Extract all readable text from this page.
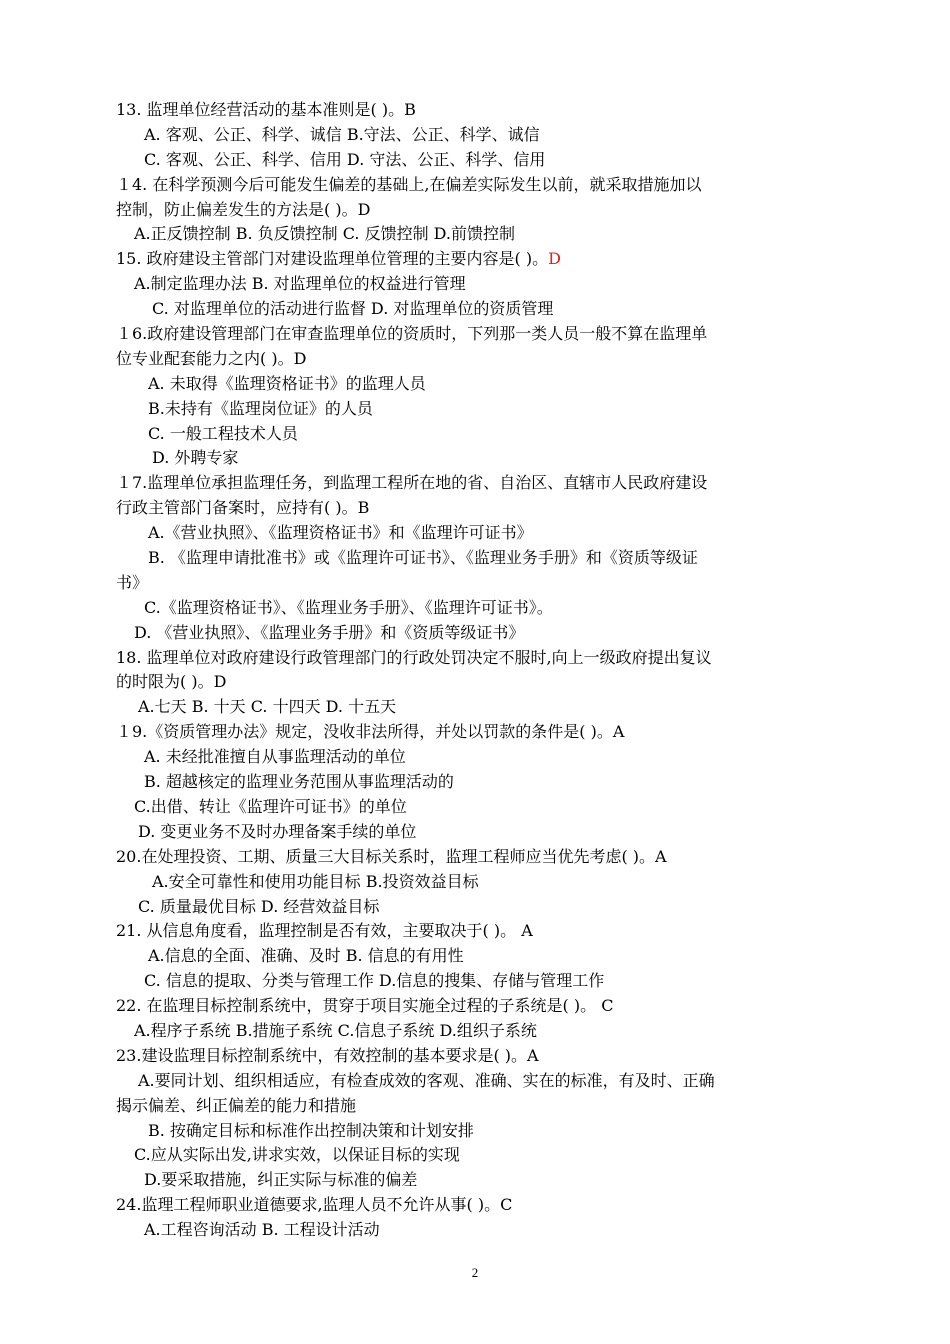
13. 监理单位经营活动的基本准则是( )。B
A. 客观、公正、科学、诚信 B.守法、公正、科学、诚信
C. 客观、公正、科学、信用 D. 守法、公正、科学、信用
１4. 在科学预测今后可能发生偏差的基础上,在偏差实际发生以前，就采取措施加以
控制，防止偏差发生的方法是( )。D
A.正反馈控制 B. 负反馈控制 C. 反馈控制 D.前馈控制
15. 政府建设主管部门对建设监理单位管理的主要内容是( )。D
A.制定监理办法 B. 对监理单位的权益进行管理
C. 对监理单位的活动进行监督 D. 对监理单位的资质管理
１6.政府建设管理部门在审查监理单位的资质时，下列那一类人员一般不算在监理单
位专业配套能力之内( )。D
A. 未取得《监理资格证书》的监理人员
B.未持有《监理岗位证》的人员
C. 一般工程技术人员
D. 外聘专家
１7.监理单位承担监理任务，到监理工程所在地的省、自治区、直辖市人民政府建设
行政主管部门备案时，应持有( )。B
A.《营业执照》、《监理资格证书》和《监理许可证书》
B. 《监理申请批准书》或《监理许可证书》、《监理业务手册》和《资质等级证
书》
C.《监理资格证书》、《监理业务手册》、《监理许可证书》。
D. 《营业执照》、《监理业务手册》和《资质等级证书》
18. 监理单位对政府建设行政管理部门的行政处罚决定不服时,向上一级政府提出复议
的时限为( )。D
A.七天 B. 十天 C. 十四天 D. 十五天
１9.《资质管理办法》规定，没收非法所得，并处以罚款的条件是( )。A
A. 未经批准擅自从事监理活动的单位
B. 超越核定的监理业务范围从事监理活动的
C.出借、转让《监理许可证书》的单位
D. 变更业务不及时办理备案手续的单位
20.在处理投资、工期、质量三大目标关系时，监理工程师应当优先考虑( )。A
A.安全可靠性和使用功能目标 B.投资效益目标
C. 质量最优目标 D. 经营效益目标
21. 从信息角度看，监理控制是否有效，主要取决于( )。 A
A.信息的全面、准确、及时 B. 信息的有用性
C. 信息的提取、分类与管理工作 D.信息的搜集、存储与管理工作
22. 在监理目标控制系统中，贯穿于项目实施全过程的子系统是( )。 C
A.程序子系统 B.措施子系统 C.信息子系统 D.组织子系统
23.建设监理目标控制系统中，有效控制的基本要求是( )。A
A.要同计划、组织相适应，有检查成效的客观、准确、实在的标准，有及时、正确
揭示偏差、纠正偏差的能力和措施
B. 按确定目标和标准作出控制决策和计划安排
C.应从实际出发,讲求实效，以保证目标的实现
D.要采取措施，纠正实际与标准的偏差
24.监理工程师职业道德要求,监理人员不允许从事( )。C
A.工程咨询活动 B. 工程设计活动
2
